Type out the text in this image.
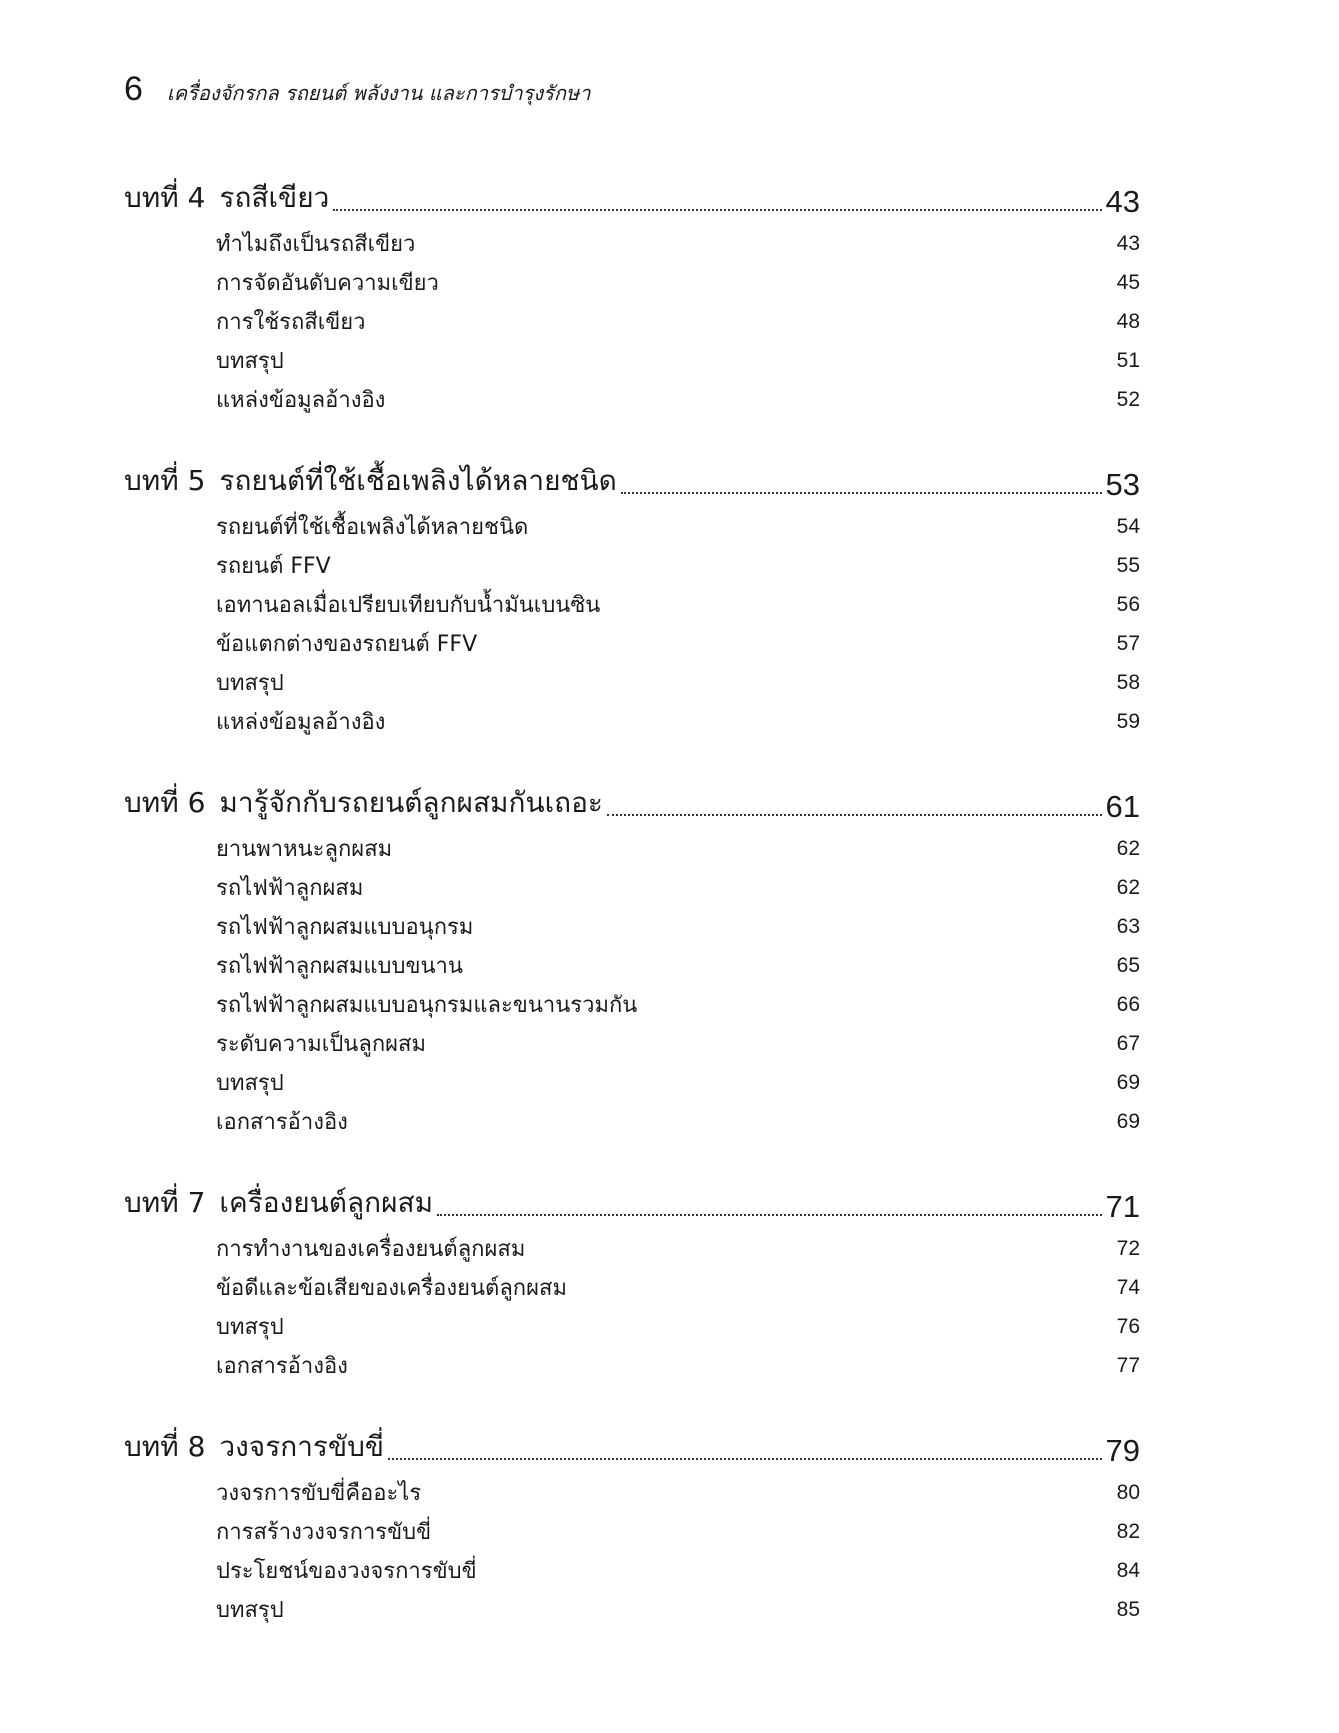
6 เครื่องจักรกล รถยนต์ พลังงาน และการบำรุงรักษา
บทที่ 4 รถสีเขียว	43
ทำไมถึงเป็นรถสีเขียว	43
การจัดอันดับความเขียว	45
การใช้รถสีเขียว	48
บทสรุป	51
แหล่งข้อมูลอ้างอิง	52
บทที่ 5 รถยนต์ที่ใช้เชื้อเพลิงได้หลายชนิด	53
รถยนต์ที่ใช้เชื้อเพลิงได้หลายชนิด	54
รถยนต์ FFV	55
เอทานอลเมื่อเปรียบเทียบกับน้ำมันเบนซิน	56
ข้อแตกต่างของรถยนต์ FFV	57
บทสรุป	58
แหล่งข้อมูลอ้างอิง	59
บทที่ 6 มารู้จักกับรถยนต์ลูกผสมกันเถอะ	61
ยานพาหนะลูกผสม	62
รถไฟฟ้าลูกผสม	62
รถไฟฟ้าลูกผสมแบบอนุกรม	63
รถไฟฟ้าลูกผสมแบบขนาน	65
รถไฟฟ้าลูกผสมแบบอนุกรมและขนานรวมกัน	66
ระดับความเป็นลูกผสม	67
บทสรุป	69
เอกสารอ้างอิง	69
บทที่ 7 เครื่องยนต์ลูกผสม	71
การทำงานของเครื่องยนต์ลูกผสม	72
ข้อดีและข้อเสียของเครื่องยนต์ลูกผสม	74
บทสรุป	76
เอกสารอ้างอิง	77
บทที่ 8 วงจรการขับขี่	79
วงจรการขับขี่คืออะไร	80
การสร้างวงจรการขับขี่	82
ประโยชน์ของวงจรการขับขี่	84
บทสรุป	85
